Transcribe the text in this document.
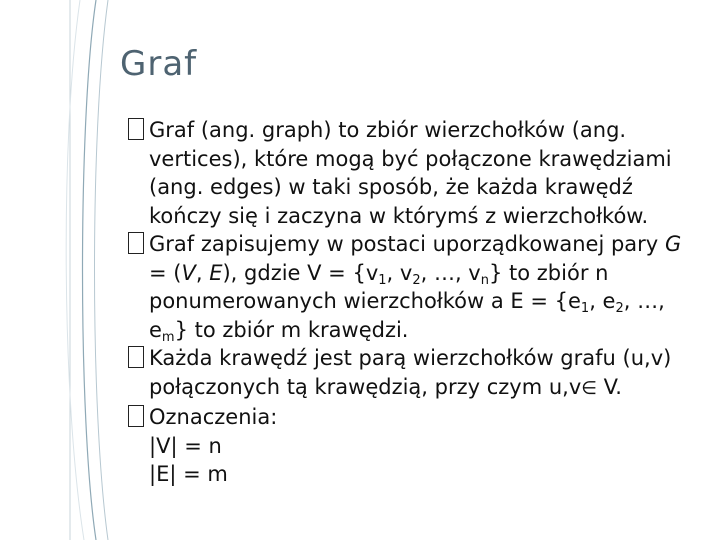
Graf
Graf (ang. graph) to zbiór wierzchołków (ang. vertices), które mogą być połączone krawędziami (ang. edges) w taki sposób, że każda krawędź kończy się i zaczyna w którymś z wierzchołków.
Graf zapisujemy w postaci uporządkowanej pary G = (V, E), gdzie $V = \{v_1$, $v_2$, …, $v_n$} to zbiór n ponumerowanych wierzchołków a $E = \{e_1$, $e_2$, …, $e_m$} to zbiór m krawędzi.
Każda krawędź jest parą wierzchołków grafu (u,v) połączonych tą krawędzią, przy czym u,v∈ V.
Oznaczenia:
|V| = n
|E| = m
